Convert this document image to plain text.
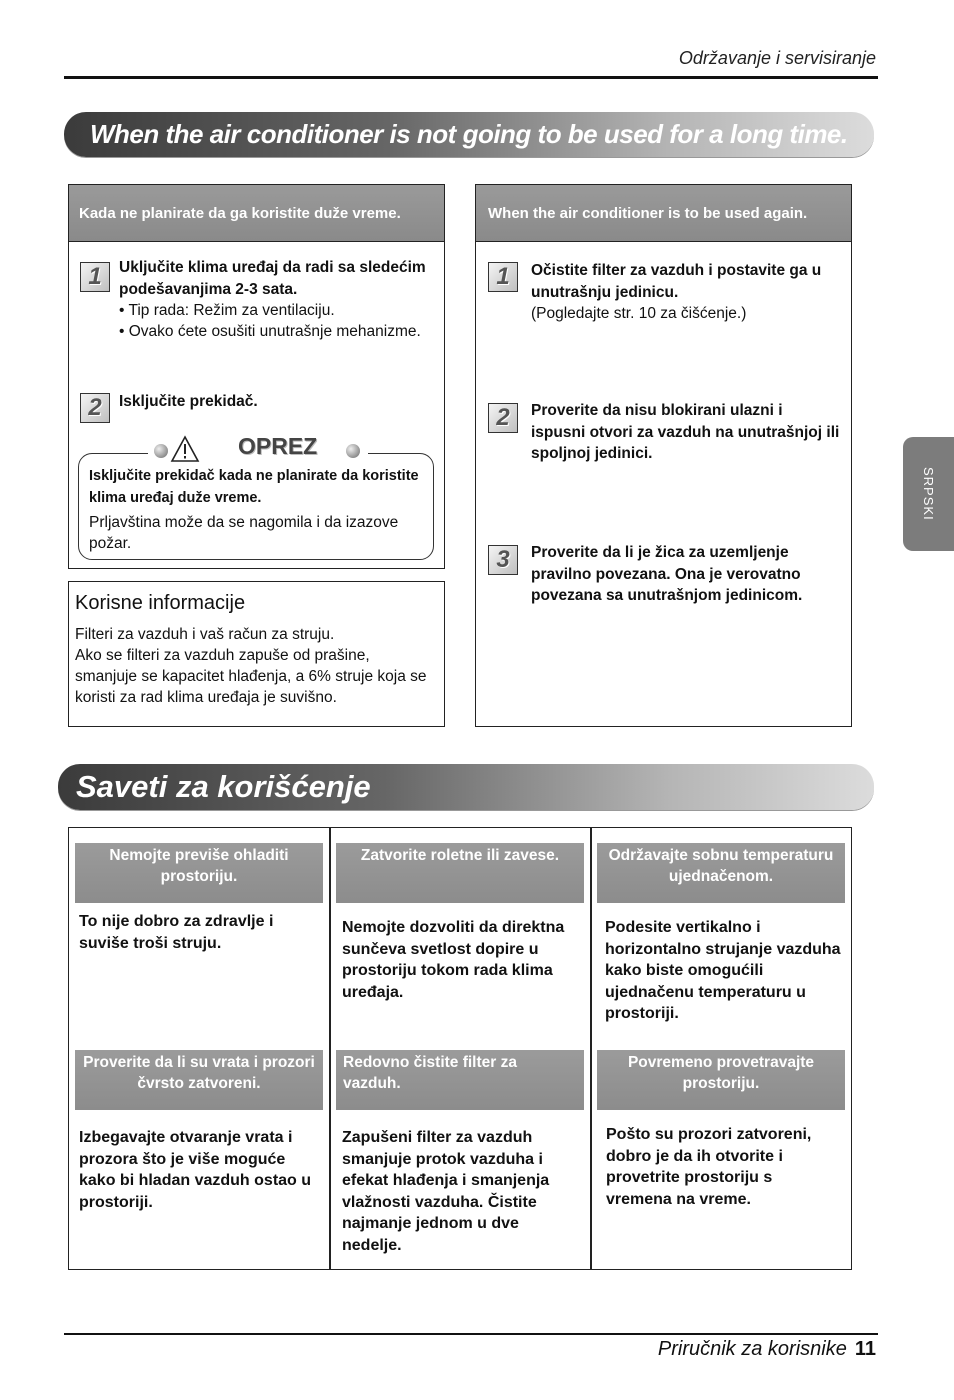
Održavanje i servisiranje
When the air conditioner is not going to be used for a long time.
Kada ne planirate da ga koristite duže vreme.
1	Uključite klima uređaj da radi sa sledećim podešavanjima 2-3 sata.
• Tip rada: Režim za ventilaciju.
• Ovako ćete osušiti unutrašnje mehanizme.
2	Isključite prekidač.
OPREZ
Isključite prekidač kada ne planirate da koristite klima uređaj duže vreme.
Prljavština može da se nagomila i da izazove požar.
Korisne informacije
Filteri za vazduh i vaš račun za struju.
Ako se filteri za vazduh zapuše od prašine, smanjuje se kapacitet hlađenja, a 6% struje koja se koristi za rad klima uređaja je suvišno.
When the air conditioner is to be used again.
1	Očistite filter za vazduh i postavite ga u unutrašnju jedinicu.
(Pogledajte str. 10 za čišćenje.)
2	Proverite da nisu blokirani ulazni i ispusni otvori za vazduh na unutrašnjoj ili spoljnoj jedinici.
3	Proverite da li je žica za uzemljenje pravilno povezana. Ona je verovatno povezana sa unutrašnjom jedinicom.
SRPSKI
Saveti za korišćenje
Nemojte previše ohladiti prostoriju.
Zatvorite roletne ili zavese.	Održavajte sobnu temperaturu ujednačenom.
To nije dobro za zdravlje i suviše troši struju.
Nemojte dozvoliti da direktna sunčeva svetlost dopire u prostoriju tokom rada klima uređaja.
Podesite vertikalno i horizontalno strujanje vazduha kako biste omogućili ujednačenu temperaturu u prostoriji.
Proverite da li su vrata i prozori čvrsto zatvoreni.
Redovno čistite filter za vazduh.
Povremeno provetravajte prostoriju.
Izbegavajte otvaranje vrata i prozora što je više moguće kako bi hladan vazduh ostao u prostoriji.
Zapušeni filter za vazduh smanjuje protok vazduha i efekat hlađenja i smanjenja vlažnosti vazduha. Čistite najmanje jednom u dve nedelje.
Pošto su prozori zatvoreni, dobro je da ih otvorite i provetrite prostoriju s vremena na vreme.
Priručnik za korisnike 11
